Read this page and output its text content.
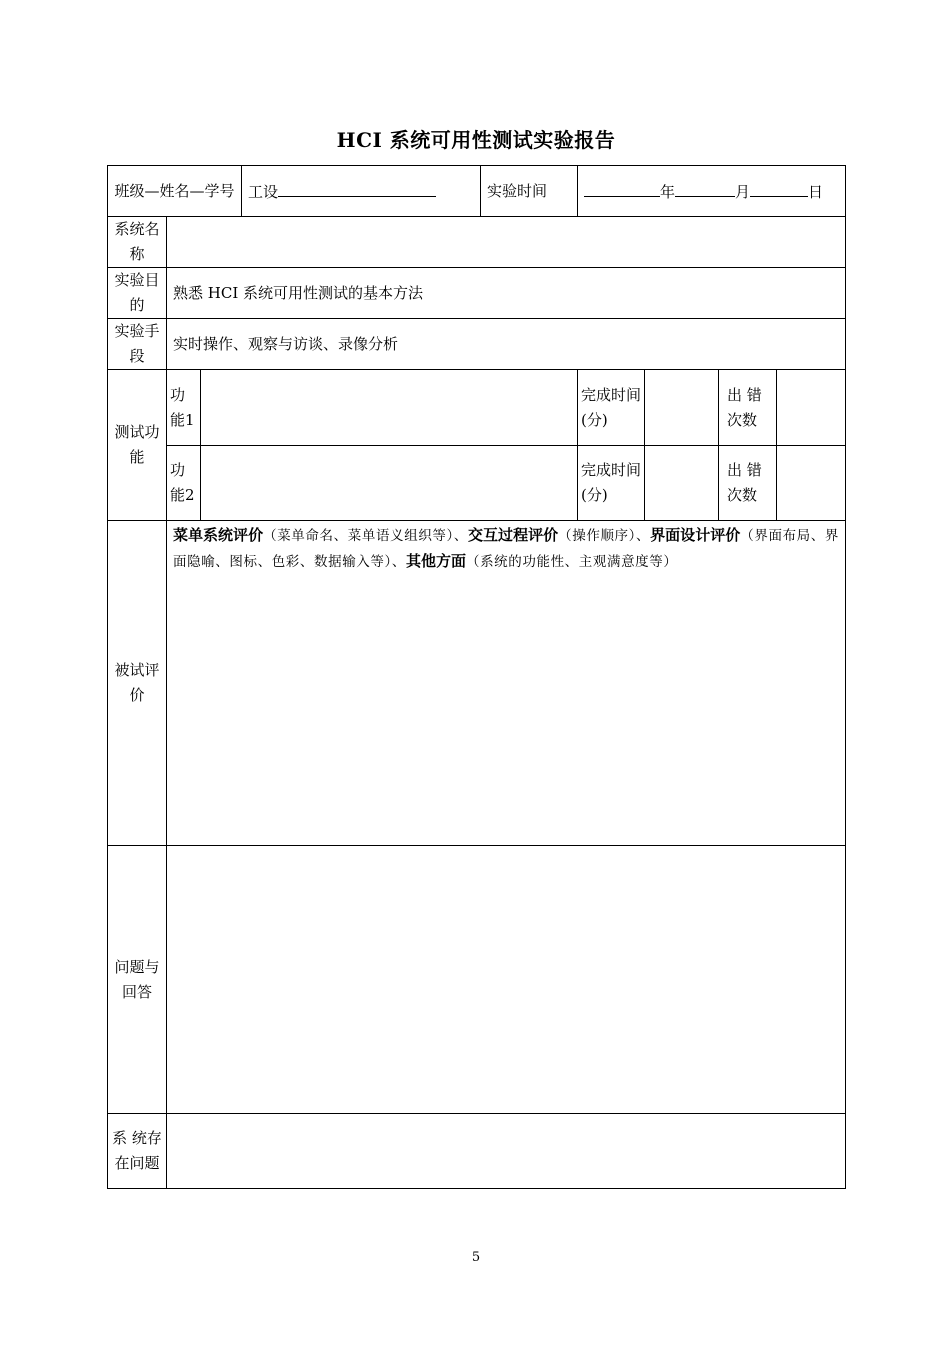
HCI 系统可用性测试实验报告
班级—姓名—学号			工设	实验时间	年 月 日			
系统名称								
实验目的	熟悉 HCI 系统可用性测试的基本方法							
实验手段	实时操作、观察与访谈、录像分析							
测试功能	功能1				完成时间(分)		出 错次数	
	功能2				完成时间(分)		出 错次数	
被试评价	菜单系统评价（菜单命名、菜单语义组织等）、交互过程评价（操作顺序）、界面设计评价（界面布局、界面隐喻、图标、色彩、数据输入等）、其他方面（系统的功能性、主观满意度等）							
问题与回答								
系 统存 在问题								
5
